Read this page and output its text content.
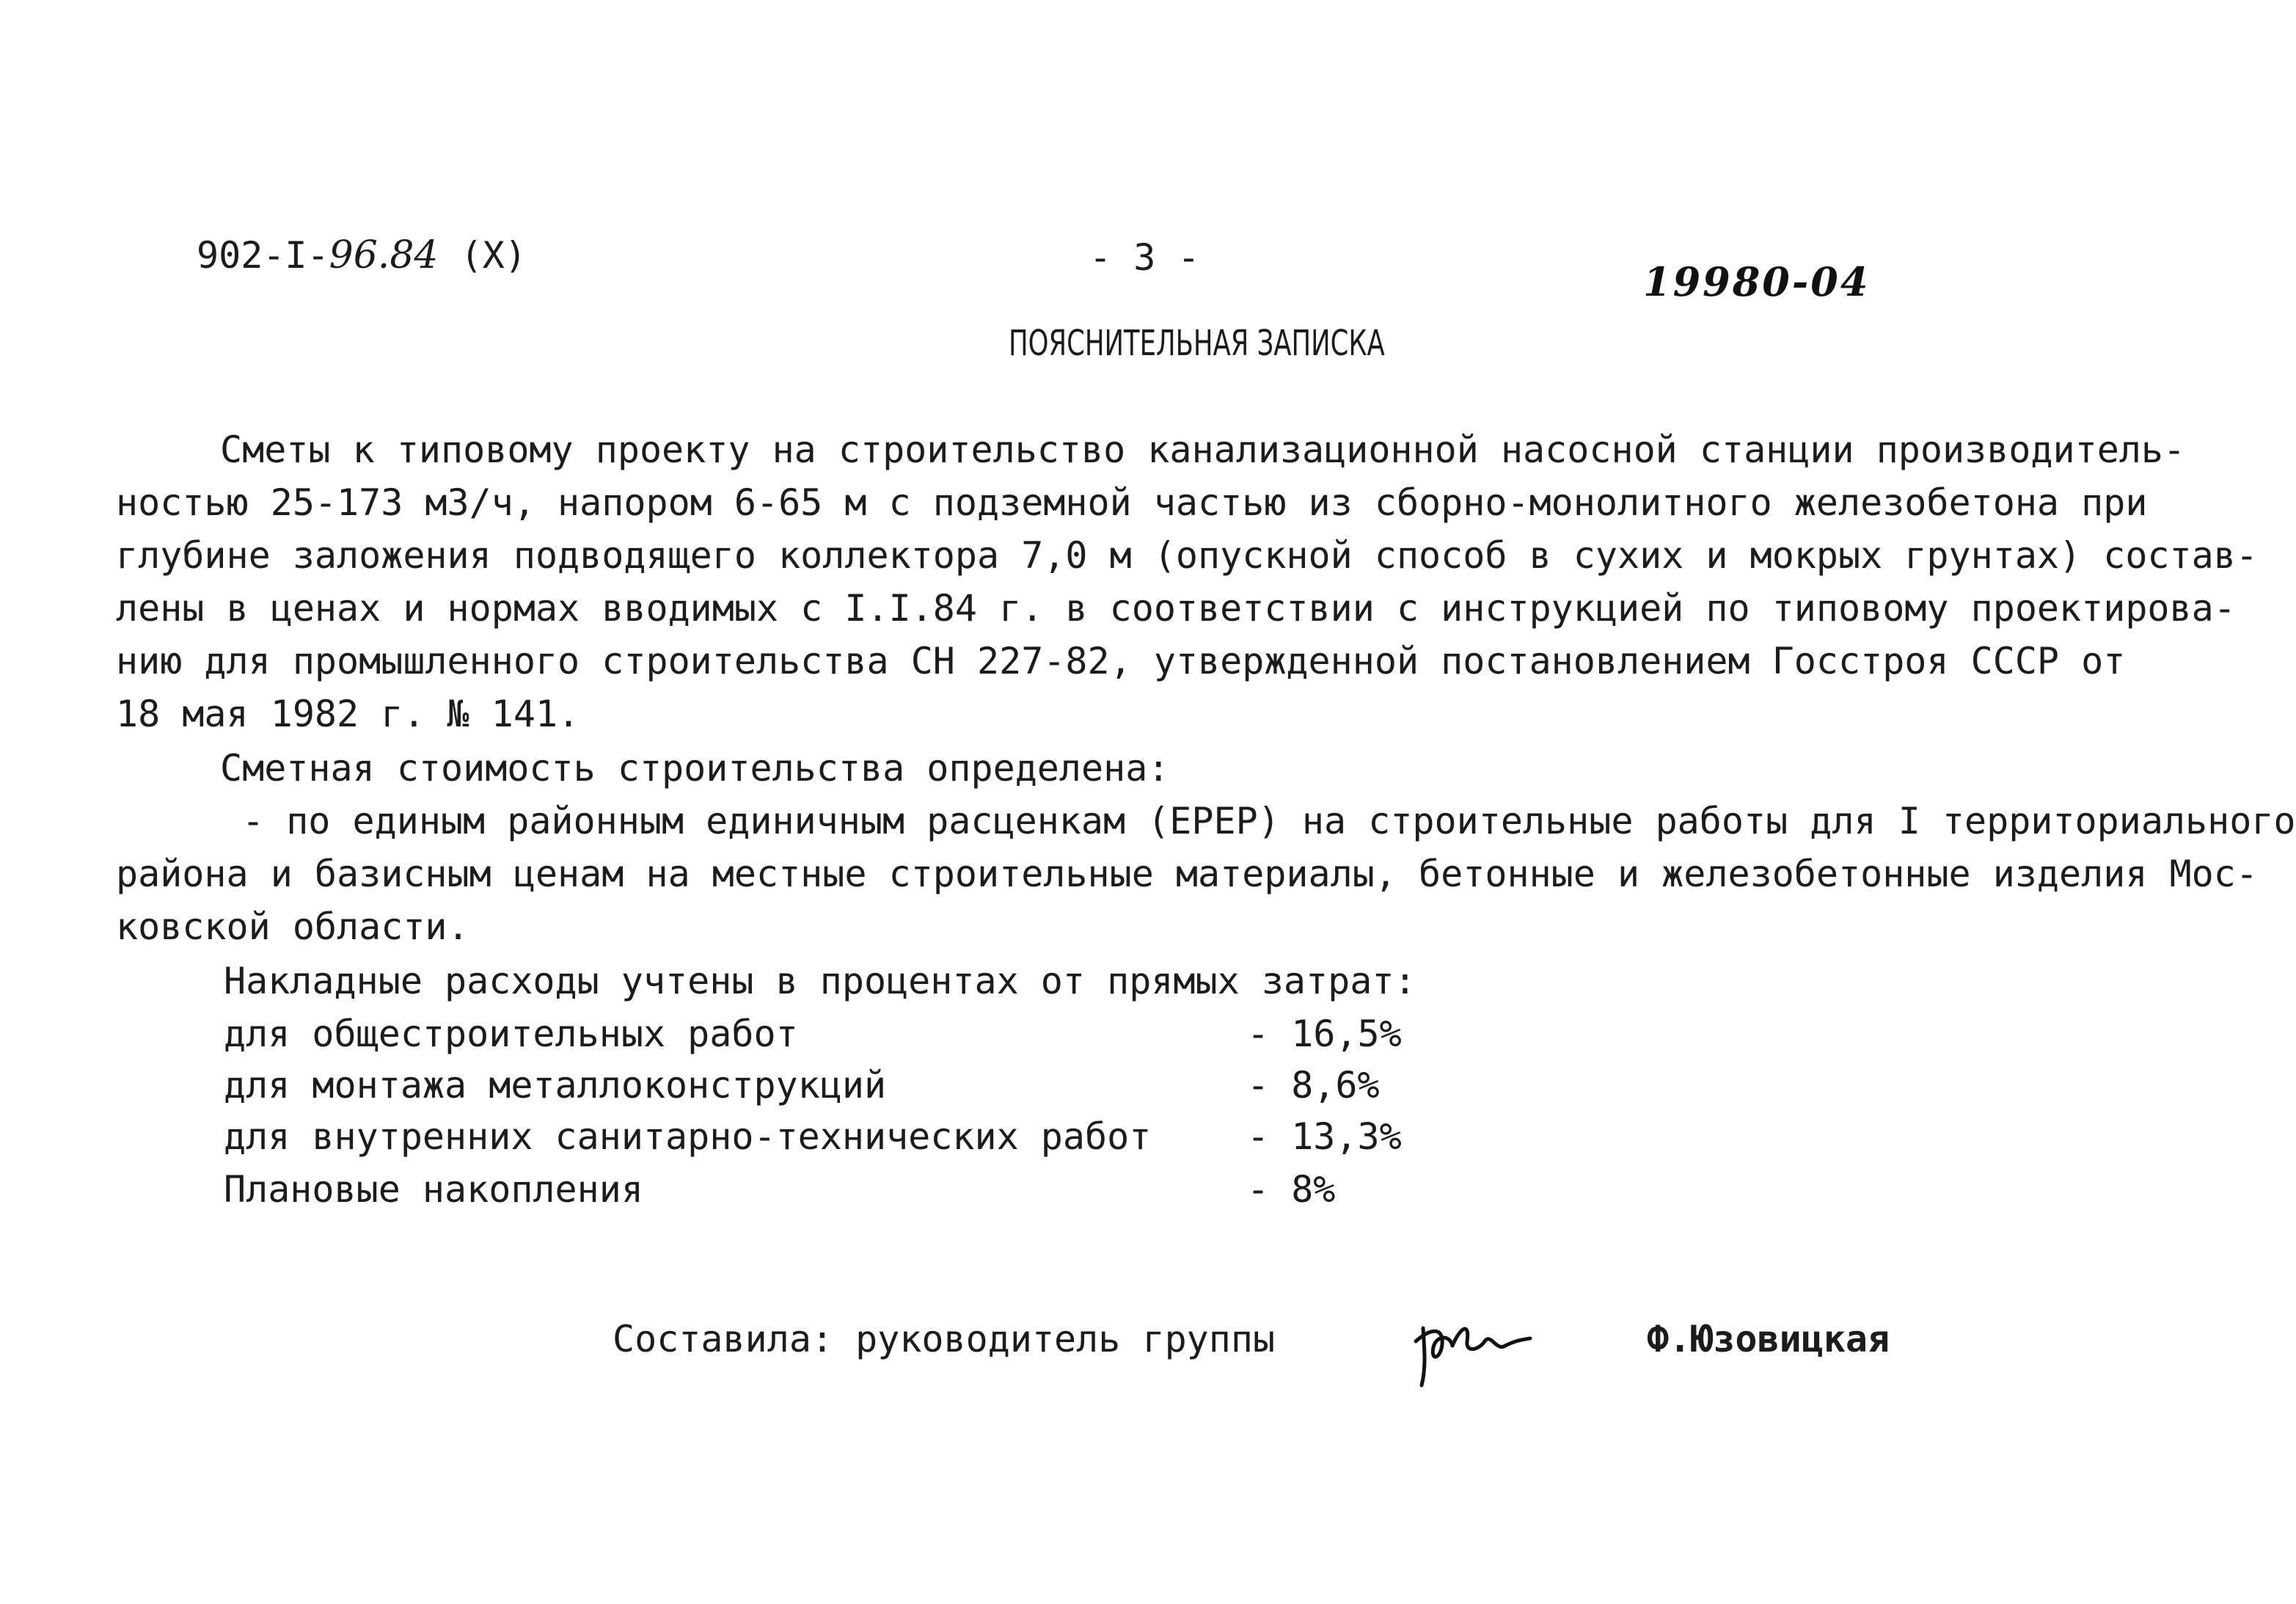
902-I-96.84 (X)	- 3 -
19980-04
ПОЯСНИТЕЛЬНАЯ ЗАПИСКА
Сметы к типовому проекту на строительство канализационной насосной станции производитель-
ностью 25-173 м3/ч, напором 6-65 м с подземной частью из сборно-монолитного железобетона при
глубине заложения подводящего коллектора 7,0 м (опускной способ в сухих и мокрых грунтах) состав-
лены в ценах и нормах вводимых с I.I.84 г. в соответствии с инструкцией по типовому проектирова-
нию для промышленного строительства СН 227-82, утвержденной постановлением Госстроя СССР от
18 мая 1982 г. № 141.
Сметная стоимость строительства определена:
- по единым районным единичным расценкам (ЕРЕР) на строительные работы для I территориального
района и базисным ценам на местные строительные материалы, бетонные и железобетонные изделия Мос-
ковской области.
Накладные расходы учтены в процентах от прямых затрат:
для общестроительных работ	- 16,5%
для монтажа металлоконструкций	- 8,6%
для внутренних санитарно-технических работ	- 13,3%
Плановые накопления	- 8%
Составила: руководитель группы	Ф.Юзовицкая
